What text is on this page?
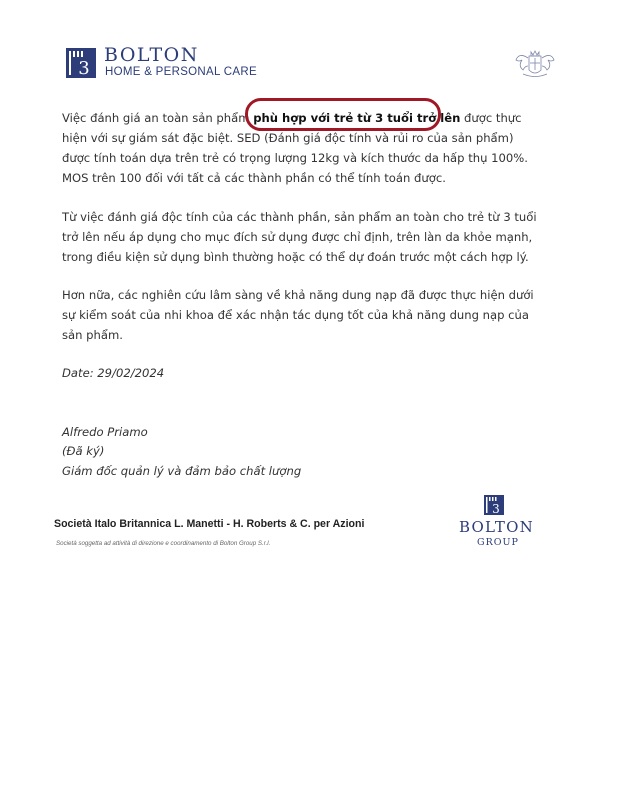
3
BOLTON
HOME & PERSONAL CARE
Việc đánh giá an toàn sản phẩm phù hợp với trẻ từ 3 tuổi trở lên được thực hiện với sự giám sát đặc biệt. SED (Đánh giá độc tính và rủi ro của sản phẩm) được tính toán dựa trên trẻ có trọng lượng 12kg và kích thước da hấp thụ 100%. MOS trên 100 đối với tất cả các thành phần có thể tính toán được.
Từ việc đánh giá độc tính của các thành phần, sản phẩm an toàn cho trẻ từ 3 tuổi trở lên nếu áp dụng cho mục đích sử dụng được chỉ định, trên làn da khỏe mạnh, trong điều kiện sử dụng bình thường hoặc có thể dự đoán trước một cách hợp lý.
Hơn nữa, các nghiên cứu lâm sàng về khả năng dung nạp đã được thực hiện dưới sự kiểm soát của nhi khoa để xác nhận tác dụng tốt của khả năng dung nạp của sản phẩm.
Date: 29/02/2024
Alfredo Priamo
(Đã ký)
Giám đốc quản lý và đảm bảo chất lượng
Società Italo Britannica L. Manetti - H. Roberts & C. per Azioni
Società soggetta ad attività di direzione e coordinamento di Bolton Group S.r.l.
3
BOLTON
GROUP
